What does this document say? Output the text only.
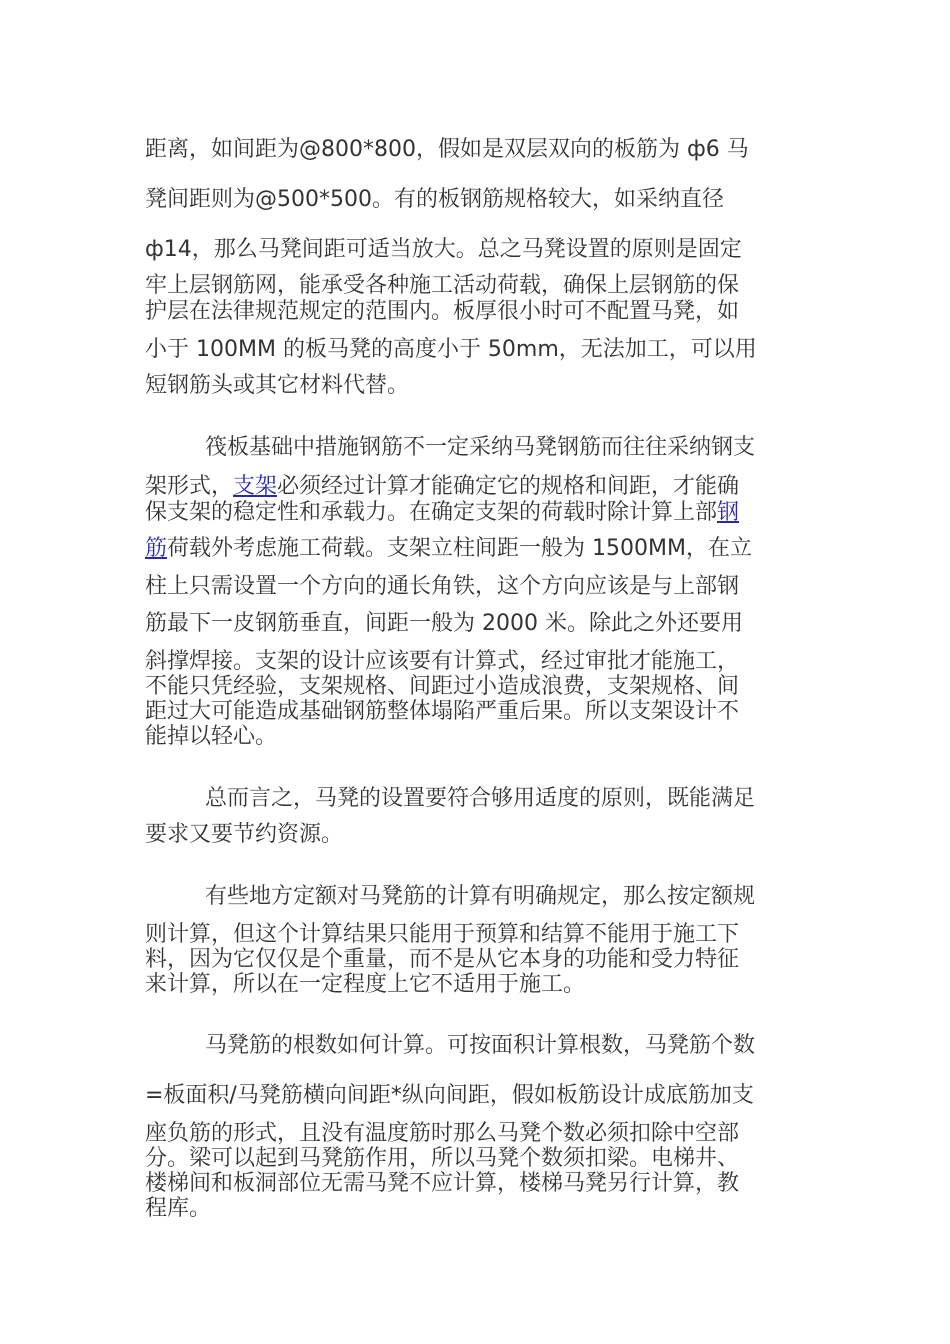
距离，如间距为@800*800，假如是双层双向的板筋为 ф6 马
凳间距则为@500*500。有的板钢筋规格较大，如采纳直径
ф14，那么马凳间距可适当放大。总之马凳设置的原则是固定
牢上层钢筋网，能承受各种施工活动荷载，确保上层钢筋的保
护层在法律规范规定的范围内。板厚很小时可不配置马凳，如
小于 100MM 的板马凳的高度小于 50mm，无法加工，可以用
短钢筋头或其它材料代替。
筏板基础中措施钢筋不一定采纳马凳钢筋而往往采纳钢支
架形式，支架必须经过计算才能确定它的规格和间距，才能确
保支架的稳定性和承载力。在确定支架的荷载时除计算上部钢
筋荷载外考虑施工荷载。支架立柱间距一般为 1500MM，在立
柱上只需设置一个方向的通长角铁，这个方向应该是与上部钢
筋最下一皮钢筋垂直，间距一般为 2000 米。除此之外还要用
斜撑焊接。支架的设计应该要有计算式，经过审批才能施工，
不能只凭经验，支架规格、间距过小造成浪费，支架规格、间
距过大可能造成基础钢筋整体塌陷严重后果。所以支架设计不
能掉以轻心。
总而言之，马凳的设置要符合够用适度的原则，既能满足
要求又要节约资源。
有些地方定额对马凳筋的计算有明确规定，那么按定额规
则计算，但这个计算结果只能用于预算和结算不能用于施工下
料，因为它仅仅是个重量，而不是从它本身的功能和受力特征
来计算，所以在一定程度上它不适用于施工。
马凳筋的根数如何计算。可按面积计算根数，马凳筋个数
=板面积/马凳筋横向间距*纵向间距，假如板筋设计成底筋加支
座负筋的形式，且没有温度筋时那么马凳个数必须扣除中空部
分。梁可以起到马凳筋作用，所以马凳个数须扣梁。电梯井、
楼梯间和板洞部位无需马凳不应计算，楼梯马凳另行计算，教
程库。
